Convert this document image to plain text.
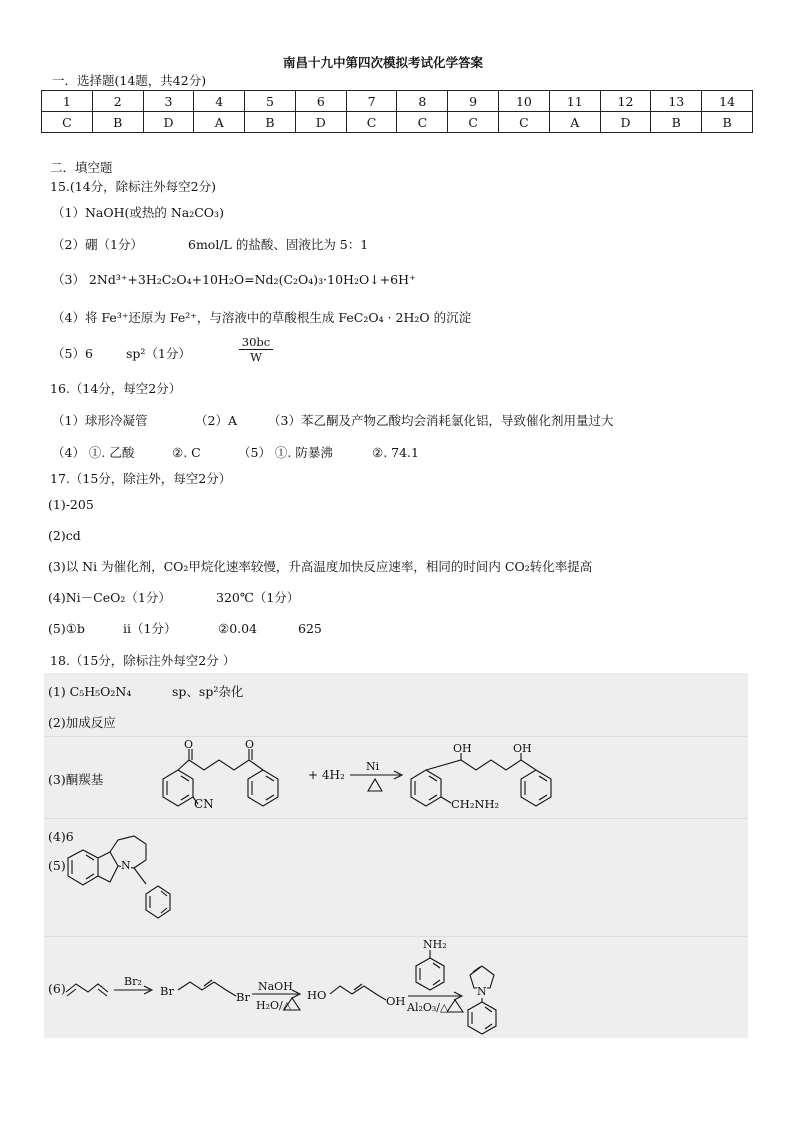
南昌十九中第四次模拟考试化学答案
一．选择题(14题，共42分)
1	2	3	4	5	6	7	8	9	10	11	12	13	14
C	B	D	A	B	D	C	C	C	C	A	D	B	B
二．填空题
15.(14分，除标注外每空2分)
（1）NaOH(或热的 Na₂CO₃)
（2）硼（1分）	6mol/L 的盐酸、固液比为 5：1
（3） 2Nd³⁺+3H₂C₂O₄+10H₂O=Nd₂(C₂O₄)₃·10H₂O↓+6H⁺
（4）将 Fe³⁺还原为 Fe²⁺，与溶液中的草酸根生成 FeC₂O₄ · 2H₂O 的沉淀
（5）6	sp²（1分）
30bc
W
16.（14分，每空2分）
（1）球形冷凝管	（2）A （3）苯乙酮及产物乙酸均会消耗氯化铝，导致催化剂用量过大
（4） ①. 乙酸	②. C	（5） ①. 防暴沸	②. 74.1
17.（15分，除注外，每空2分）
(1)-205
(2)cd
(3)以 Ni 为催化剂，CO₂甲烷化速率较慢，升高温度加快反应速率，相同的时间内 CO₂转化率提高
(4)Ni－CeO₂（1分）	320℃（1分）
(5)①b	ii（1分）	②0.04	625
18.（15分，除标注外每空2分 ）
(1) C₅H₅O₂N₄	sp、sp²杂化
(2)加成反应
(3)酮羰基
(4)6
(5)
(6)
O	O
CN
+ 4H₂
Ni
OH	OH
CH₂NH₂
N
Br₂
Br	Br
NaOH
H₂O/△
HO	OH
NH₂
Al₂O₃/△
N
